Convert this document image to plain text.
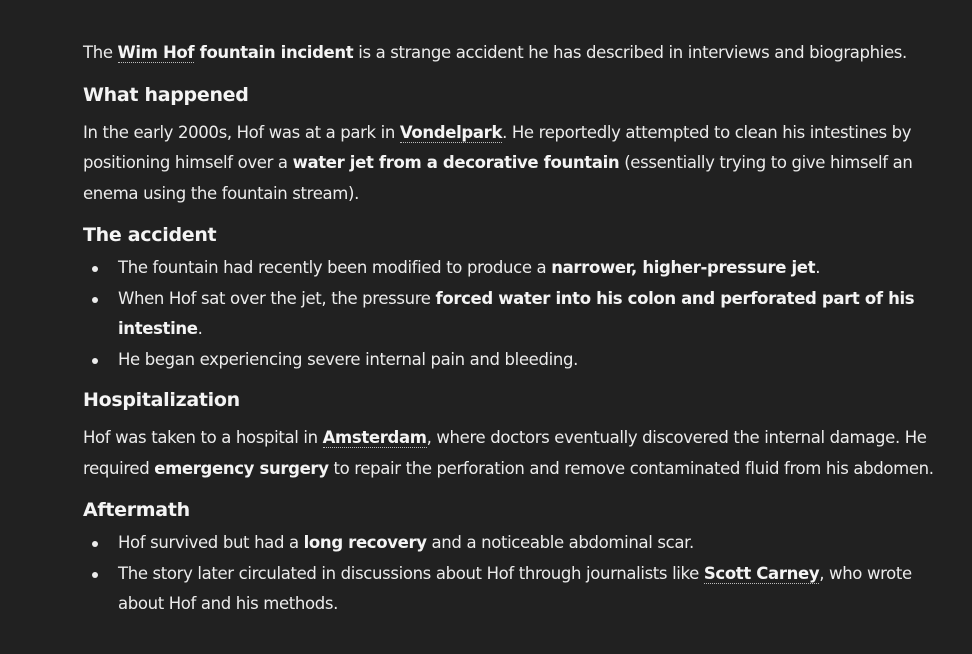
The Wim Hof fountain incident is a strange accident he has described in interviews and biographies.

What happened

In the early 2000s, Hof was at a park in Vondelpark. He reportedly attempted to clean his intestines by positioning himself over a water jet from a decorative fountain (essentially trying to give himself an enema using the fountain stream).

The accident
The fountain had recently been modified to produce a narrower, higher-pressure jet.
When Hof sat over the jet, the pressure forced water into his colon and perforated part of his intestine.
He began experiencing severe internal pain and bleeding.
Hospitalization

Hof was taken to a hospital in Amsterdam, where doctors eventually discovered the internal damage. He required emergency surgery to repair the perforation and remove contaminated fluid from his abdomen.

Aftermath
Hof survived but had a long recovery and a noticeable abdominal scar.
The story later circulated in discussions about Hof through journalists like Scott Carney, who wrote about Hof and his methods.
